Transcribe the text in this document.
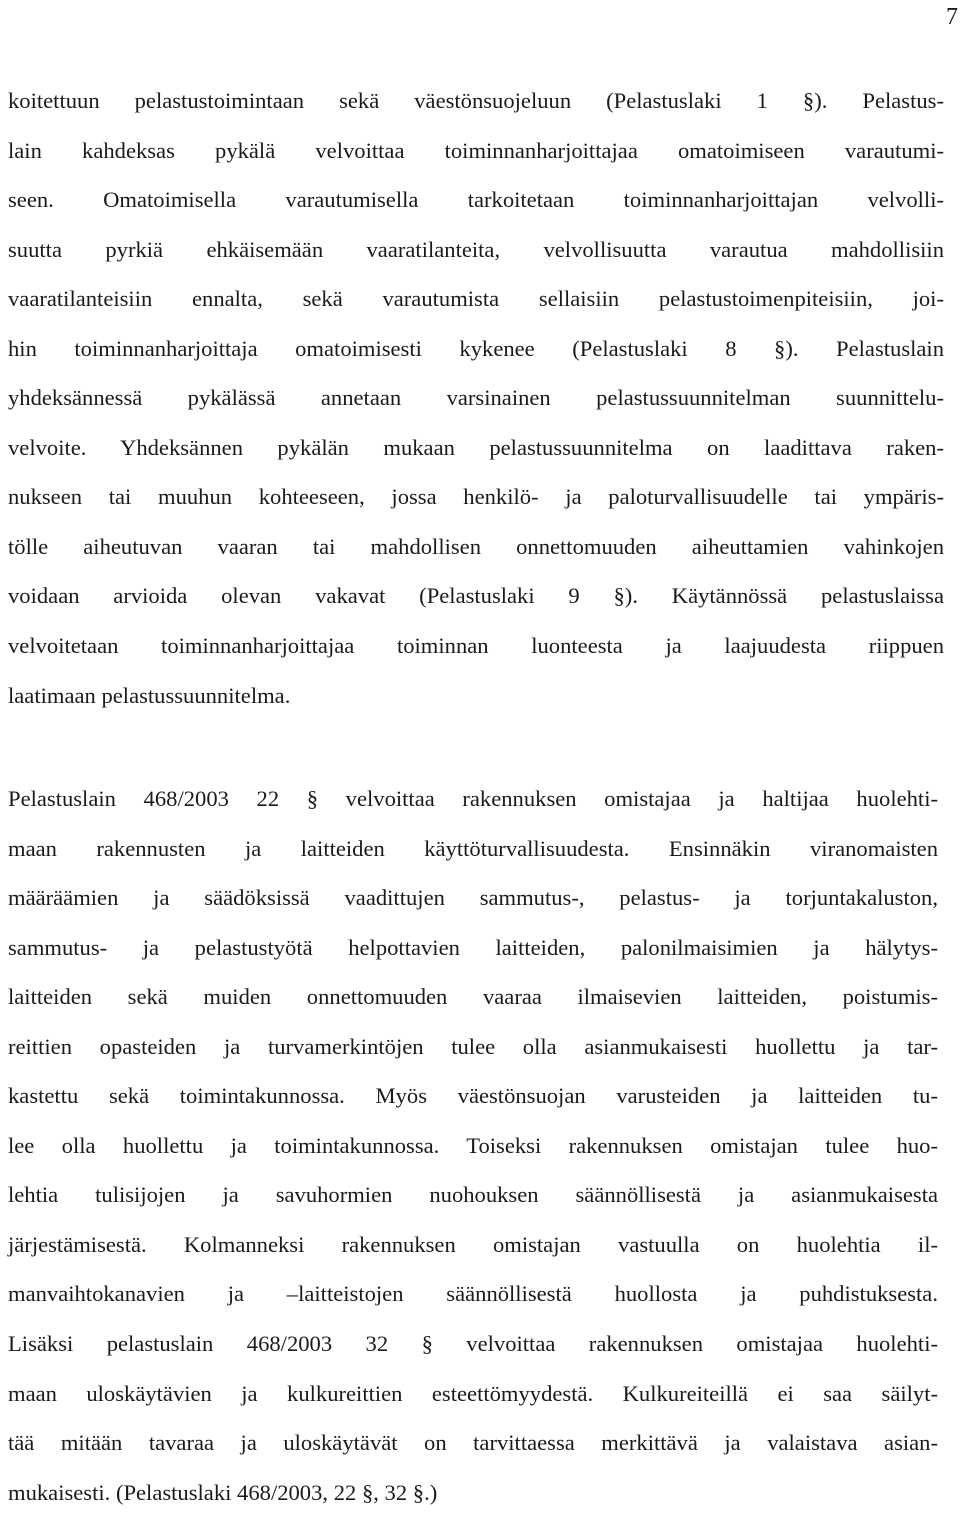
7
koitettuun pelastustoimintaan sekä väestönsuojeluun (Pelastuslaki 1 §). Pelastus-
lain kahdeksas pykälä velvoittaa toiminnanharjoittajaa omatoimiseen varautumi-
seen. Omatoimisella varautumisella tarkoitetaan toiminnanharjoittajan velvolli-
suutta pyrkiä ehkäisemään vaaratilanteita, velvollisuutta varautua mahdollisiin
vaaratilanteisiin ennalta, sekä varautumista sellaisiin pelastustoimenpiteisiin, joi-
hin toiminnanharjoittaja omatoimisesti kykenee (Pelastuslaki 8 §). Pelastuslain
yhdeksännessä pykälässä annetaan varsinainen pelastussuunnitelman suunnittelu-
velvoite. Yhdeksännen pykälän mukaan pelastussuunnitelma on laadittava raken-
nukseen tai muuhun kohteeseen, jossa henkilö- ja paloturvallisuudelle tai ympäris-
tölle aiheutuvan vaaran tai mahdollisen onnettomuuden aiheuttamien vahinkojen
voidaan arvioida olevan vakavat (Pelastuslaki 9 §). Käytännössä pelastuslaissa
velvoitetaan toiminnanharjoittajaa toiminnan luonteesta ja laajuudesta riippuen
laatimaan pelastussuunnitelma.
Pelastuslain 468/2003 22 § velvoittaa rakennuksen omistajaa ja haltijaa huolehti-
maan rakennusten ja laitteiden käyttöturvallisuudesta. Ensinnäkin viranomaisten
määräämien ja säädöksissä vaadittujen sammutus-, pelastus- ja torjuntakaluston,
sammutus- ja pelastustyötä helpottavien laitteiden, palonilmaisimien ja hälytys-
laitteiden sekä muiden onnettomuuden vaaraa ilmaisevien laitteiden, poistumis-
reittien opasteiden ja turvamerkintöjen tulee olla asianmukaisesti huollettu ja tar-
kastettu sekä toimintakunnossa. Myös väestönsuojan varusteiden ja laitteiden tu-
lee olla huollettu ja toimintakunnossa. Toiseksi rakennuksen omistajan tulee huo-
lehtia tulisijojen ja savuhormien nuohouksen säännöllisestä ja asianmukaisesta
järjestämisestä. Kolmanneksi rakennuksen omistajan vastuulla on huolehtia il-
manvaihtokanavien ja –laitteistojen säännöllisestä huollosta ja puhdistuksesta.
Lisäksi pelastuslain 468/2003 32 § velvoittaa rakennuksen omistajaa huolehti-
maan uloskäytävien ja kulkureittien esteettömyydestä. Kulkureiteillä ei saa säilyt-
tää mitään tavaraa ja uloskäytävät on tarvittaessa merkittävä ja valaistava asian-
mukaisesti. (Pelastuslaki 468/2003, 22 §, 32 §.)
